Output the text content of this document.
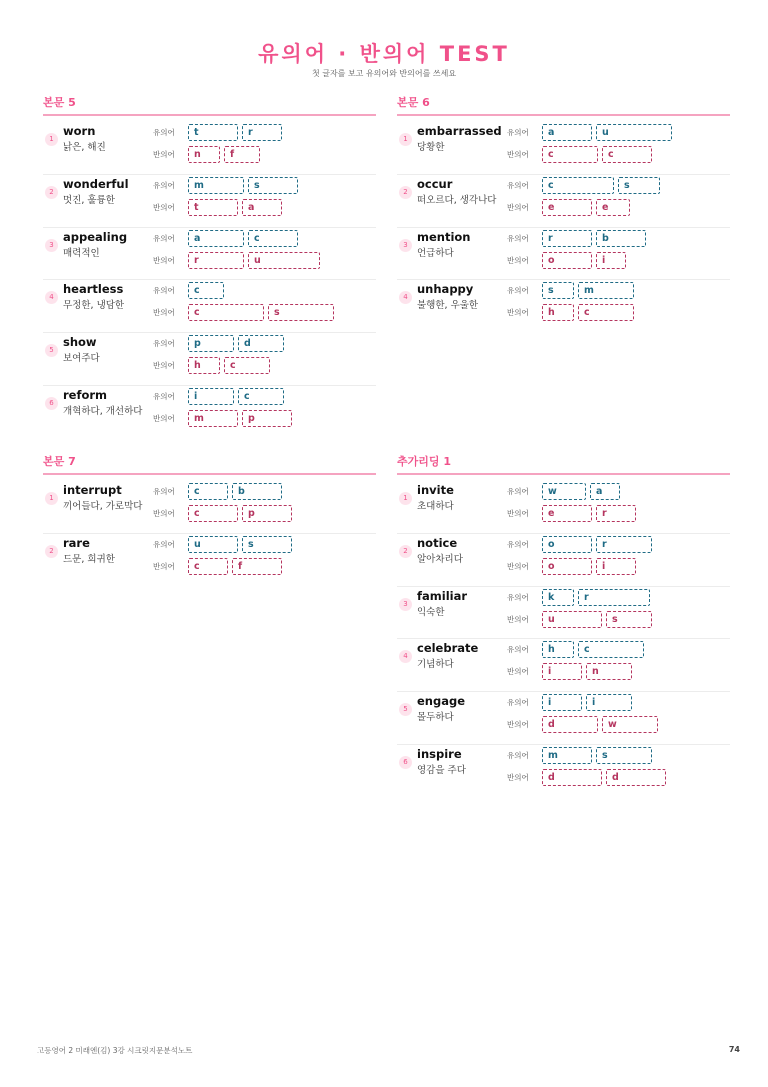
유의어 · 반의어 TEST
첫 글자를 보고 유의어와 반의어를 쓰세요
본문 5
1
worn
낡은, 해진
유의어	t	r
반의어	n	f
2
wonderful
멋진, 훌륭한
유의어	m	s
반의어	t	a
3
appealing
매력적인
유의어	a	c
반의어	r	u
4
heartless
무정한, 냉담한
유의어	c
반의어	c	s
5
show
보여주다
유의어	p	d
반의어	h	c
6
reform
개혁하다, 개선하다
유의어	i	c
반의어	m	p
본문 6
1
embarrassed
당황한
유의어	a	u
반의어	c	c
2
occur
떠오르다, 생각나다
유의어	c	s
반의어	e	e
3
mention
언급하다
유의어	r	b
반의어	o	i
4
unhappy
불행한, 우울한
유의어	s	m
반의어	h	c
본문 7
1
interrupt
끼어들다, 가로막다
유의어	c	b
반의어	c	p
2
rare
드문, 희귀한
유의어	u	s
반의어	c	f
추가리딩 1
1
invite
초대하다
유의어	w	a
반의어	e	r
2
notice
알아차리다
유의어	o	r
반의어	o	i
3
familiar
익숙한
유의어	k	r
반의어	u	s
4
celebrate
기념하다
유의어	h	c
반의어	i	n
5
engage
몰두하다
유의어	i	i
반의어	d	w
6
inspire
영감을 주다
유의어	m	s
반의어	d	d
고등영어 2 미래엔(김) 3강 시크릿지문분석노트	74
